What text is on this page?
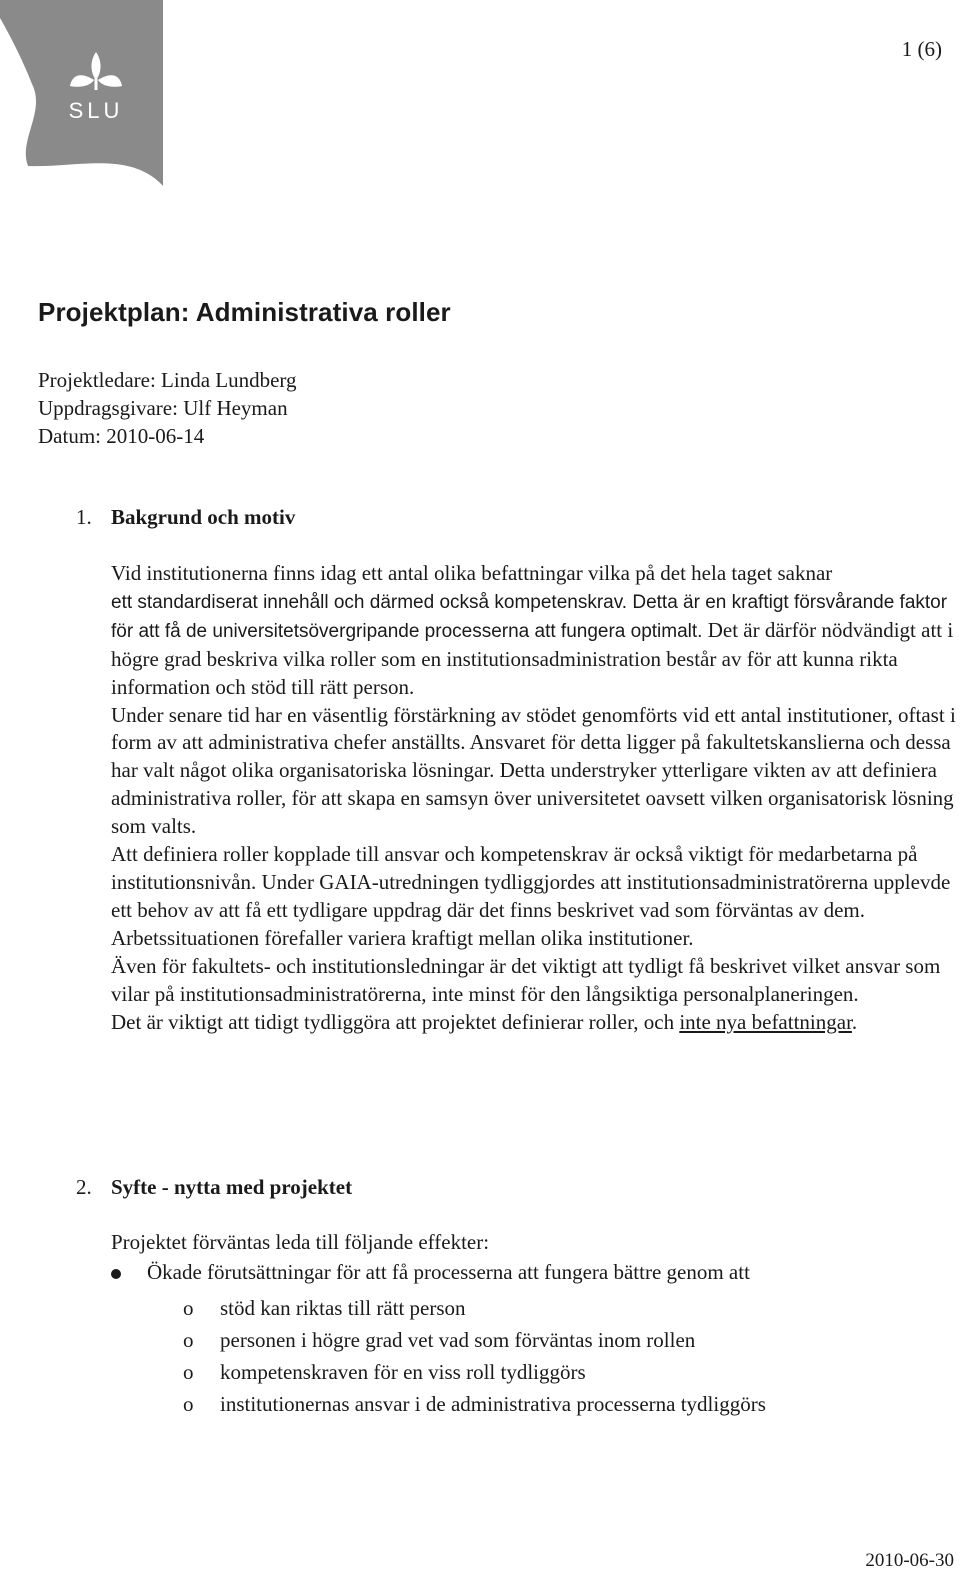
SLU
1 (6)
Projektplan: Administrativa roller
Projektledare: Linda Lundberg
Uppdragsgivare: Ulf Heyman
Datum: 2010-06-14
1. Bakgrund och motiv

Vid institutionerna finns idag ett antal olika befattningar vilka på det hela taget saknar
ett standardiserat innehåll och därmed också kompetenskrav. Detta är en kraftigt försvårande faktor för att få de universitetsövergripande processerna att fungera optimalt. Det är därför nödvändigt att i högre grad beskriva vilka roller som en institutionsadministration består av för att kunna rikta information och stöd till rätt person.

Under senare tid har en väsentlig förstärkning av stödet genomförts vid ett antal institutioner, oftast i form av att administrativa chefer anställts. Ansvaret för detta ligger på fakultetskanslierna och dessa har valt något olika organisatoriska lösningar. Detta understryker ytterligare vikten av att definiera administrativa roller, för att skapa en samsyn över universitetet oavsett vilken organisatorisk lösning som valts.

Att definiera roller kopplade till ansvar och kompetenskrav är också viktigt för medarbetarna på institutionsnivån. Under GAIA-utredningen tydliggjordes att institutionsadministratörerna upplevde ett behov av att få ett tydligare uppdrag där det finns beskrivet vad som förväntas av dem. Arbetssituationen förefaller variera kraftigt mellan olika institutioner.

Även för fakultets- och institutionsledningar är det viktigt att tydligt få beskrivet vilket ansvar som vilar på institutionsadministratörerna, inte minst för den långsiktiga personalplaneringen.

Det är viktigt att tidigt tydliggöra att projektet definierar roller, och inte nya befattningar.

2. Syfte - nytta med projektet
Projektet förväntas leda till följande effekter:
Ökade förutsättningar för att få processerna att fungera bättre genom att
o stöd kan riktas till rätt person
o personen i högre grad vet vad som förväntas inom rollen
o kompetenskraven för en viss roll tydliggörs
o institutionernas ansvar i de administrativa processerna tydliggörs
2010-06-30
